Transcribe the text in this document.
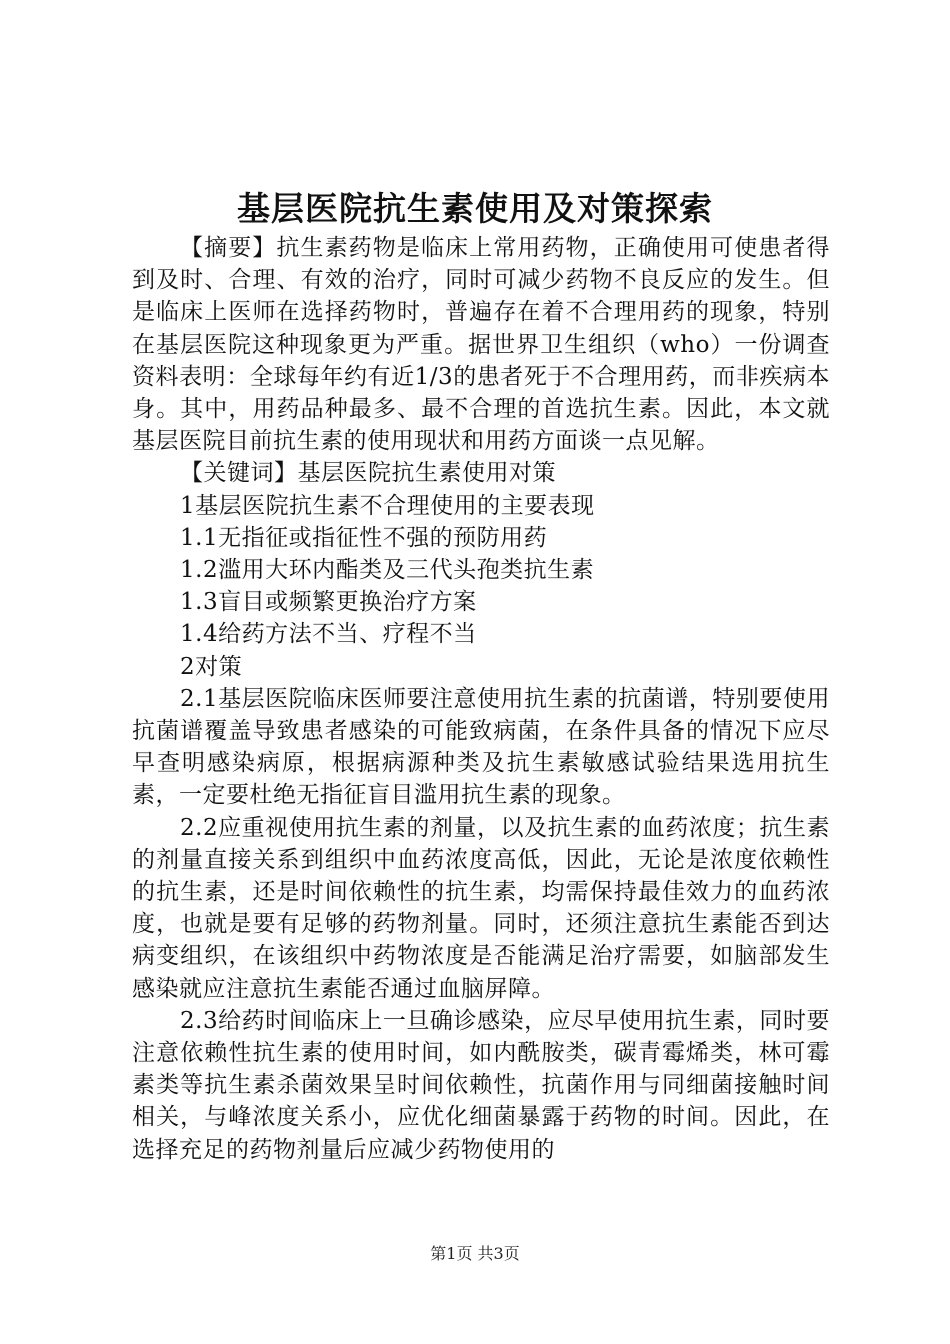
基层医院抗生素使用及对策探索

【摘要】抗生素药物是临床上常用药物，正确使用可使患者得到及时、合理、有效的治疗，同时可减少药物不良反应的发生。但是临床上医师在选择药物时，普遍存在着不合理用药的现象，特别在基层医院这种现象更为严重。据世界卫生组织（who）一份调查资料表明：全球每年约有近1/3的患者死于不合理用药，而非疾病本身。其中，用药品种最多、最不合理的首选抗生素。因此，本文就基层医院目前抗生素的使用现状和用药方面谈一点见解。

【关键词】基层医院抗生素使用对策

1基层医院抗生素不合理使用的主要表现

1.1无指征或指征性不强的预防用药

1.2滥用大环内酯类及三代头孢类抗生素

1.3盲目或频繁更换治疗方案

1.4给药方法不当、疗程不当

2对策

2.1基层医院临床医师要注意使用抗生素的抗菌谱，特别要使用抗菌谱覆盖导致患者感染的可能致病菌，在条件具备的情况下应尽早查明感染病原，根据病源种类及抗生素敏感试验结果选用抗生素，一定要杜绝无指征盲目滥用抗生素的现象。

2.2应重视使用抗生素的剂量，以及抗生素的血药浓度；抗生素的剂量直接关系到组织中血药浓度高低，因此，无论是浓度依赖性的抗生素，还是时间依赖性的抗生素，均需保持最佳效力的血药浓度，也就是要有足够的药物剂量。同时，还须注意抗生素能否到达病变组织，在该组织中药物浓度是否能满足治疗需要，如脑部发生感染就应注意抗生素能否通过血脑屏障。

2.3给药时间临床上一旦确诊感染，应尽早使用抗生素，同时要注意依赖性抗生素的使用时间，如内酰胺类，碳青霉烯类，林可霉素类等抗生素杀菌效果呈时间依赖性，抗菌作用与同细菌接触时间相关，与峰浓度关系小，应优化细菌暴露于药物的时间。因此，在选择充足的药物剂量后应减少药物使用的

第1页 共3页
